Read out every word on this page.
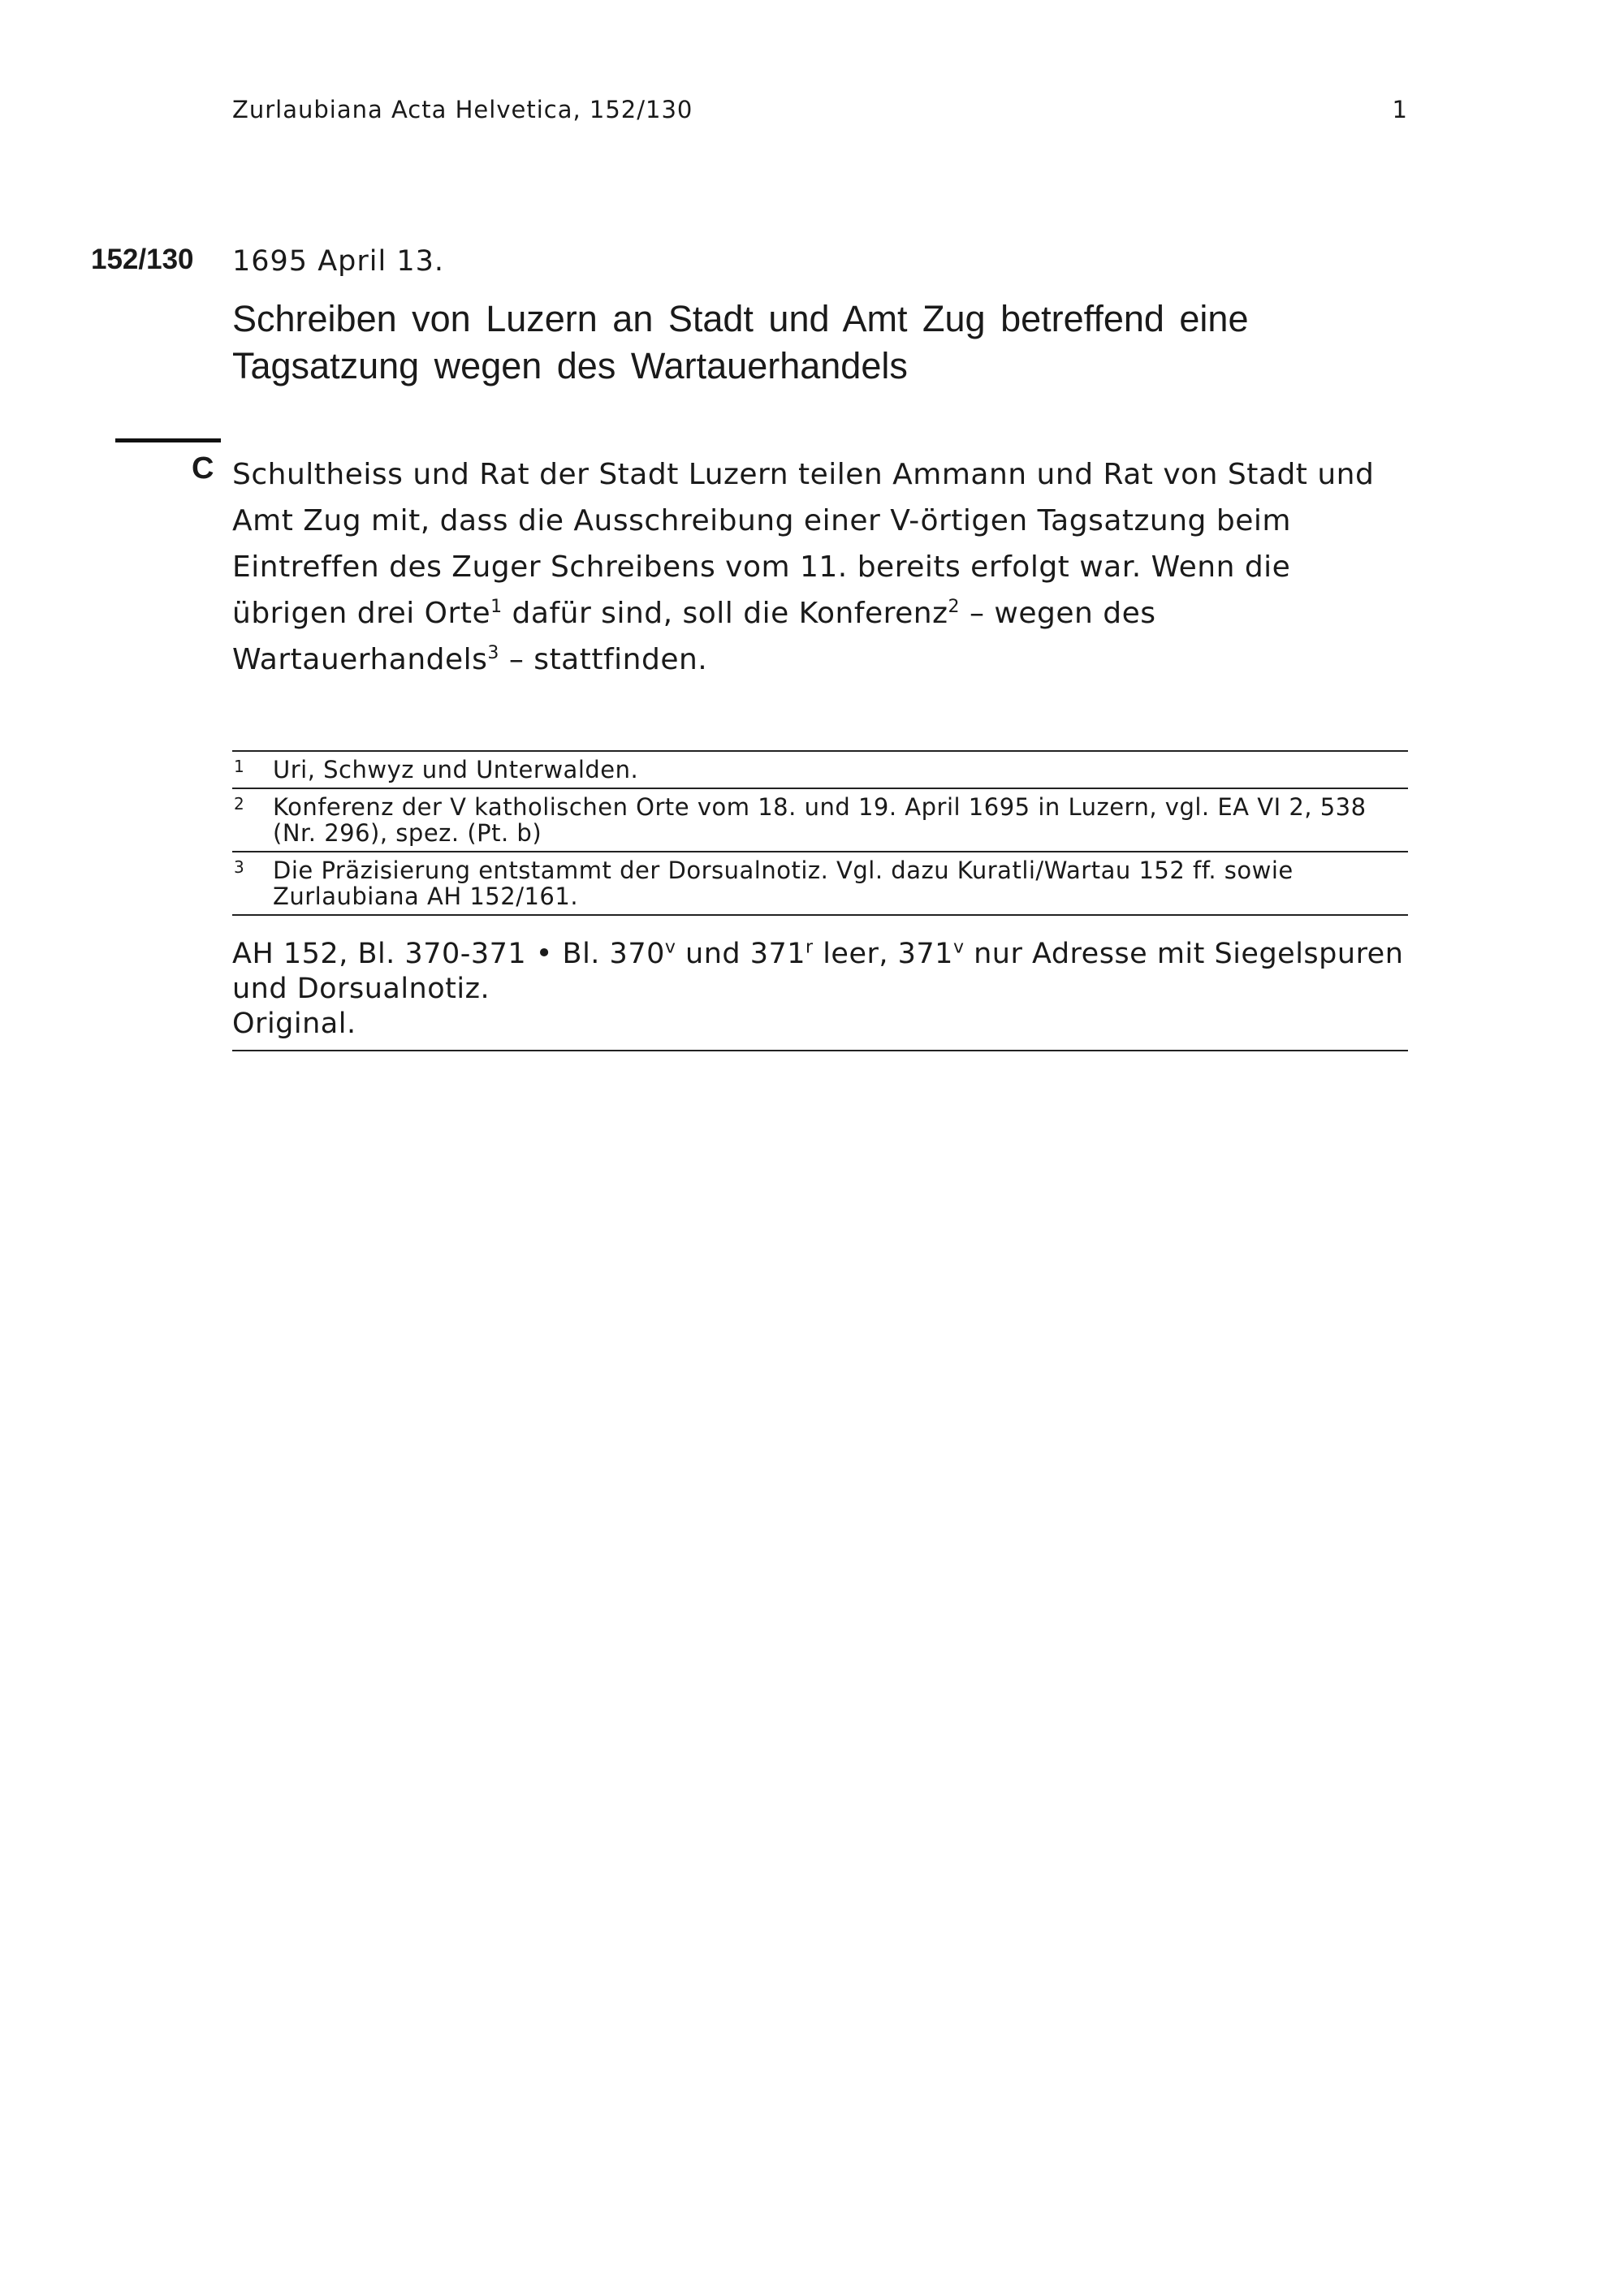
Zurlaubiana Acta Helvetica, 152/130	1
152/130 1695 April 13.
Schreiben von Luzern an Stadt und Amt Zug betreffend eine Tagsatzung wegen des Wartauerhandels
C Schultheiss und Rat der Stadt Luzern teilen Ammann und Rat von Stadt und Amt Zug mit, dass die Ausschreibung einer V-örtigen Tagsatzung beim Eintreffen des Zuger Schreibens vom 11. bereits erfolgt war. Wenn die übrigen drei Orte$^1$ dafür sind, soll die Konferenz$^2$ – wegen des Wartauerhandels$^3$ – stattfinden.

1 Uri, Schwyz und Unterwalden.
2 Konferenz der V katholischen Orte vom 18. und 19. April 1695 in Luzern, vgl. EA VI 2, 538 (Nr. 296), spez. (Pt. b)
3 Die Präzisierung entstammt der Dorsualnotiz. Vgl. dazu Kuratli/Wartau 152 ff. sowie Zurlaubiana AH 152/161.
AH 152, Bl. 370-371 • Bl. 370$^v$ und 371$^r$ leer, 371$^v$ nur Adresse mit Siegelspuren und Dorsualnotiz.
Original.
